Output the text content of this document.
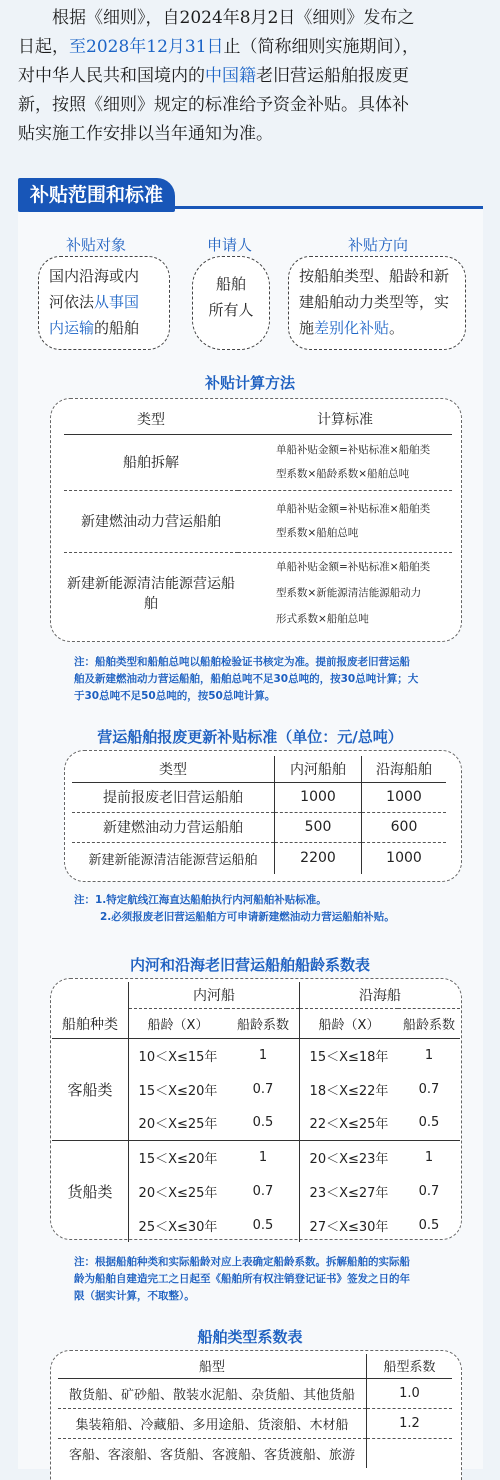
根据《细则》，自2024年8月2日《细则》发布之

日起，至2028年12月31日止（简称细则实施期间），
对中华人民共和国境内的中国籍老旧营运船舶报废更
新，按照《细则》规定的标准给予资金补贴。具体补
贴实施工作安排以当年通知为准。
补贴范围和标准
补贴对象	申请人	补贴方向
国内沿海或内
河依法从事国
内运输的船舶
船舶
所有人
按船舶类型、船龄和新
建船舶动力类型等，实
施差别化补贴。
补贴计算方法
类型	计算标准
船舶拆解	单船补贴金额=补贴标准×船舶类
型系数×船龄系数×船舶总吨

新建燃油动力营运船舶	单船补贴金额=补贴标准×船舶类
型系数×船舶总吨

新建新能源清洁能源营运船舶	单船补贴金额=补贴标准×船舶类
型系数×新能源清洁能源船动力
形式系数×船舶总吨
注：船舶类型和船舶总吨以船舶检验证书核定为准。提前报废老旧营运船
舶及新建燃油动力营运船舶，船舶总吨不足30总吨的，按30总吨计算；大
于30总吨不足50总吨的，按50总吨计算。
营运船舶报废更新补贴标准（单位：元/总吨）
类型	内河船舶	沿海船舶
提前报废老旧营运船舶	1000	1000
新建燃油动力营运船舶	500	600
新建新能源清洁能源营运船舶	2200	1000
注：1.特定航线江海直达船舶执行内河船舶补贴标准。
2.必须报废老旧营运船舶方可申请新建燃油动力营运船舶补贴。
内河和沿海老旧营运船舶船龄系数表
船舶种类	内河船		沿海船	
	船龄（X）	船龄系数	船龄（X）	船龄系数
客船类	10＜X≤15年	1	15＜X≤18年	1
	15＜X≤20年	0.7	18＜X≤22年	0.7
	20＜X≤25年	0.5	22＜X≤25年	0.5
货船类	15＜X≤20年	1	20＜X≤23年	1
	20＜X≤25年	0.7	23＜X≤27年	0.7
	25＜X≤30年	0.5	27＜X≤30年	0.5
注：根据船舶种类和实际船龄对应上表确定船龄系数。拆解船舶的实际船
龄为船舶自建造完工之日起至《船舶所有权注销登记证书》签发之日的年
限（据实计算，不取整）。
船舶类型系数表
船型	船型系数
散货船、矿砂船、散装水泥船、杂货船、其他货船	1.0
集装箱船、冷藏船、多用途船、货滚船、木材船	1.2
客船、客滚船、客货船、客渡船、客货渡船、旅游	
